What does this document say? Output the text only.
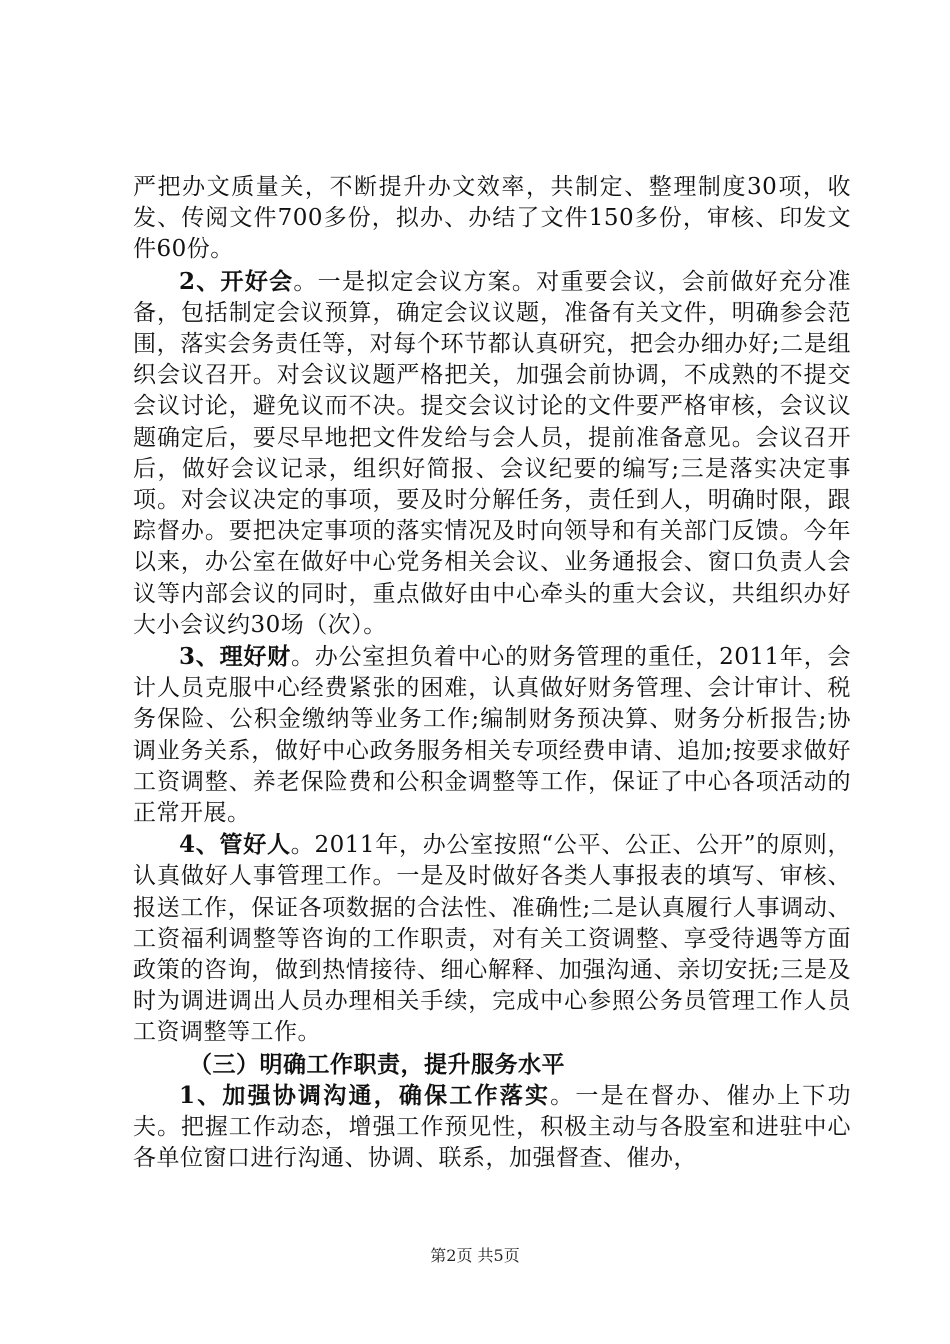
严把办文质量关，不断提升办文效率，共制定、整理制度30项，收发、传阅文件700多份，拟办、办结了文件150多份，审核、印发文件60份。

2、开好会。一是拟定会议方案。对重要会议，会前做好充分准备，包括制定会议预算，确定会议议题，准备有关文件，明确参会范围，落实会务责任等，对每个环节都认真研究，把会办细办好;二是组织会议召开。对会议议题严格把关，加强会前协调，不成熟的不提交会议讨论，避免议而不决。提交会议讨论的文件要严格审核，会议议题确定后，要尽早地把文件发给与会人员，提前准备意见。会议召开后，做好会议记录，组织好简报、会议纪要的编写;三是落实决定事项。对会议决定的事项，要及时分解任务，责任到人，明确时限，跟踪督办。要把决定事项的落实情况及时向领导和有关部门反馈。今年以来，办公室在做好中心党务相关会议、业务通报会、窗口负责人会议等内部会议的同时，重点做好由中心牵头的重大会议，共组织办好大小会议约30场（次）。

3、理好财。办公室担负着中心的财务管理的重任，2011年，会计人员克服中心经费紧张的困难，认真做好财务管理、会计审计、税务保险、公积金缴纳等业务工作;编制财务预决算、财务分析报告;协调业务关系，做好中心政务服务相关专项经费申请、追加;按要求做好工资调整、养老保险费和公积金调整等工作，保证了中心各项活动的正常开展。

4、管好人。2011年，办公室按照“公平、公正、公开”的原则，认真做好人事管理工作。一是及时做好各类人事报表的填写、审核、报送工作，保证各项数据的合法性、准确性;二是认真履行人事调动、工资福利调整等咨询的工作职责，对有关工资调整、享受待遇等方面政策的咨询，做到热情接待、细心解释、加强沟通、亲切安抚;三是及时为调进调出人员办理相关手续，完成中心参照公务员管理工作人员工资调整等工作。

（三）明确工作职责，提升服务水平

1、加强协调沟通，确保工作落实。一是在督办、催办上下功夫。把握工作动态，增强工作预见性，积极主动与各股室和进驻中心各单位窗口进行沟通、协调、联系，加强督查、催办，

第2页 共5页
